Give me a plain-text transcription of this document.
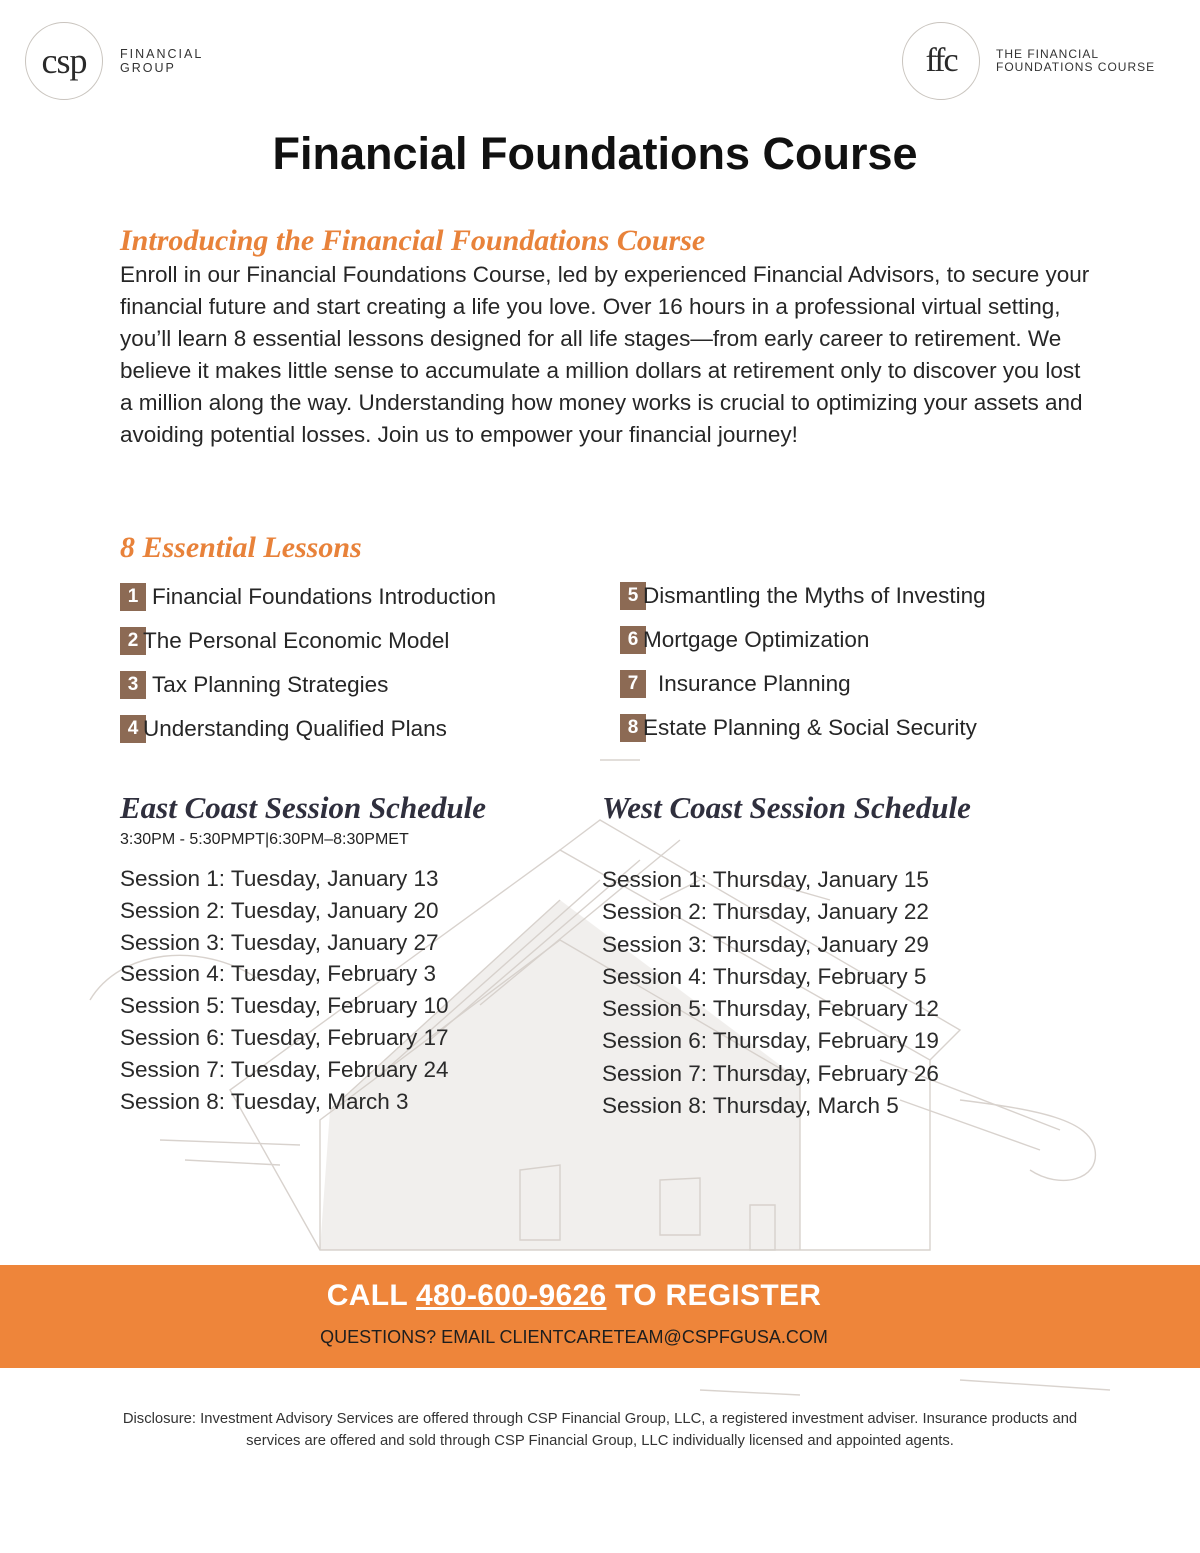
csp	FINANCIAL
GROUP	ffc	THE FINANCIAL
FOUNDATIONS COURSE
Financial Foundations Course
Introducing the Financial Foundations Course

Enroll in our Financial Foundations Course, led by experienced Financial Advisors, to secure your financial future and start creating a life you love. Over 16 hours in a professional virtual setting, you’ll learn 8 essential lessons designed for all life stages—from early career to retirement. We believe it makes little sense to accumulate a million dollars at retirement only to discover you lost a million along the way. Understanding how money works is crucial to optimizing your assets and avoiding potential losses. Join us to empower your financial journey!

8 Essential Lessons
1 Financial Foundations Introduction
2 The Personal Economic Model
3 Tax Planning Strategies
4 Understanding Qualified Plans
5 Dismantling the Myths of Investing
6 Mortgage Optimization
7 Insurance Planning
8 Estate Planning & Social Security
East Coast Session Schedule
3:30PM - 5:30PMPT|6:30PM–8:30PMET
Session 1: Tuesday, January 13
Session 2: Tuesday, January 20
Session 3: Tuesday, January 27
Session 4: Tuesday, February 3
Session 5: Tuesday, February 10
Session 6: Tuesday, February 17
Session 7: Tuesday, February 24
Session 8: Tuesday, March 3
West Coast Session Schedule
Session 1: Thursday, January 15
Session 2: Thursday, January 22
Session 3: Thursday, January 29
Session 4: Thursday, February 5
Session 5: Thursday, February 12
Session 6: Thursday, February 19
Session 7: Thursday, February 26
Session 8: Thursday, March 5
CALL 480-600-9626 TO REGISTER
QUESTIONS? EMAIL CLIENTCARETEAM@CSPFGUSA.COM

Disclosure: Investment Advisory Services are offered through CSP Financial Group, LLC, a registered investment adviser. Insurance products and services are offered and sold through CSP Financial Group, LLC individually licensed and appointed agents.
